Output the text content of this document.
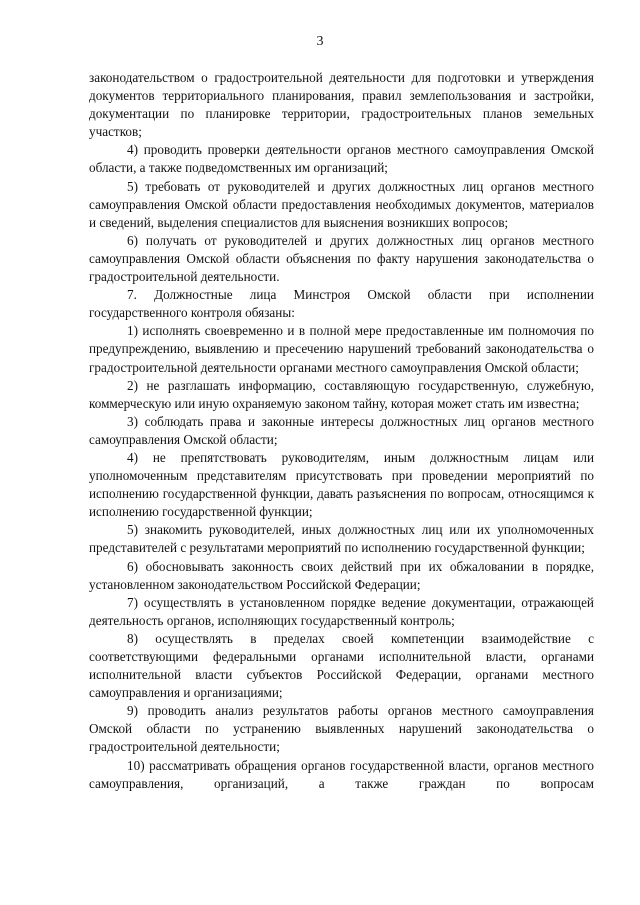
3

законодательством о градостроительной деятельности для подготовки и утверждения документов территориального планирования, правил землепользования и застройки, документации по планировке территории, градостроительных планов земельных участков;

4) проводить проверки деятельности органов местного самоуправления Омской области, а также подведомственных им организаций;

5) требовать от руководителей и других должностных лиц органов местного самоуправления Омской области предоставления необходимых документов, материалов и сведений, выделения специалистов для выяснения возникших вопросов;

6) получать от руководителей и других должностных лиц органов местного самоуправления Омской области объяснения по факту нарушения законодательства о градостроительной деятельности.

7. Должностные лица Минстроя Омской области при исполнении государственного контроля обязаны:

1) исполнять своевременно и в полной мере предоставленные им полномочия по предупреждению, выявлению и пресечению нарушений требований законодательства о градостроительной деятельности органами местного самоуправления Омской области;

2) не разглашать информацию, составляющую государственную, служебную, коммерческую или иную охраняемую законом тайну, которая может стать им известна;

3) соблюдать права и законные интересы должностных лиц органов местного самоуправления Омской области;

4) не препятствовать руководителям, иным должностным лицам или уполномоченным представителям присутствовать при проведении мероприятий по исполнению государственной функции, давать разъяснения по вопросам, относящимся к исполнению государственной функции;

5) знакомить руководителей, иных должностных лиц или их уполномоченных представителей с результатами мероприятий по исполнению государственной функции;

6) обосновывать законность своих действий при их обжаловании в порядке, установленном законодательством Российской Федерации;

7) осуществлять в установленном порядке ведение документации, отражающей деятельность органов, исполняющих государственный контроль;

8) осуществлять в пределах своей компетенции взаимодействие с соответствующими федеральными органами исполнительной власти, органами исполнительной власти субъектов Российской Федерации, органами местного самоуправления и организациями;

9) проводить анализ результатов работы органов местного самоуправления Омской области по устранению выявленных нарушений законодательства о градостроительной деятельности;

10) рассматривать обращения органов государственной власти, органов местного самоуправления, организаций, а также граждан по вопросам
